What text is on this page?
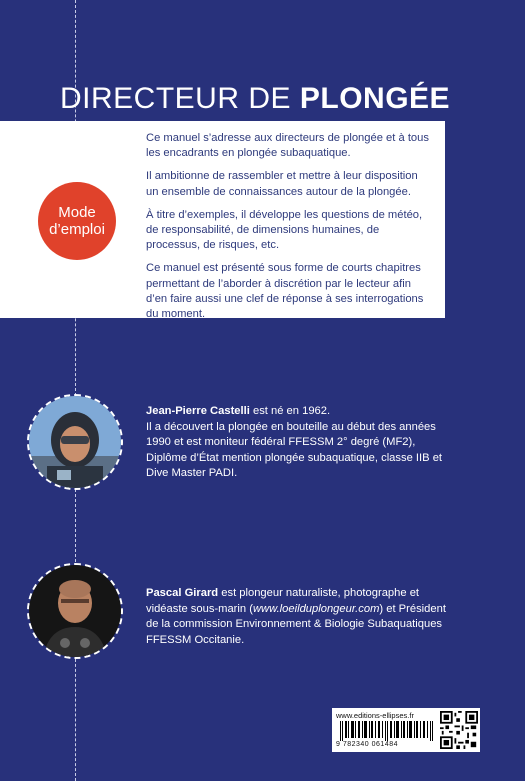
DIRECTEUR DE PLONGÉE
Mode
d’emploi

Ce manuel s’adresse aux directeurs de plongée et à tous les encadrants en plongée subaquatique.

Il ambitionne de rassembler et mettre à leur disposition un ensemble de connaissances autour de la plongée.

À titre d’exemples, il développe les questions de météo, de responsabilité, de dimensions humaines, de processus, de risques, etc.

Ce manuel est présenté sous forme de courts chapitres permettant de l’aborder à discrétion par le lecteur afin d’en faire aussi une clef de réponse à ses interrogations du moment.

Jean-Pierre Castelli est né en 1962.

Il a découvert la plongée en bouteille au début des années 1990 et est moniteur fédéral FFESSM 2° degré (MF2), Diplôme d’État mention plongée subaquatique, classe IIB et Dive Master PADI.

Pascal Girard est plongeur naturaliste, photographe et vidéaste sous-marin (www.loeilduplongeur.com) et Président de la commission Environnement & Biologie Subaquatiques FFESSM Occitanie.

www.editions-ellipses.fr
9 782340 061484
